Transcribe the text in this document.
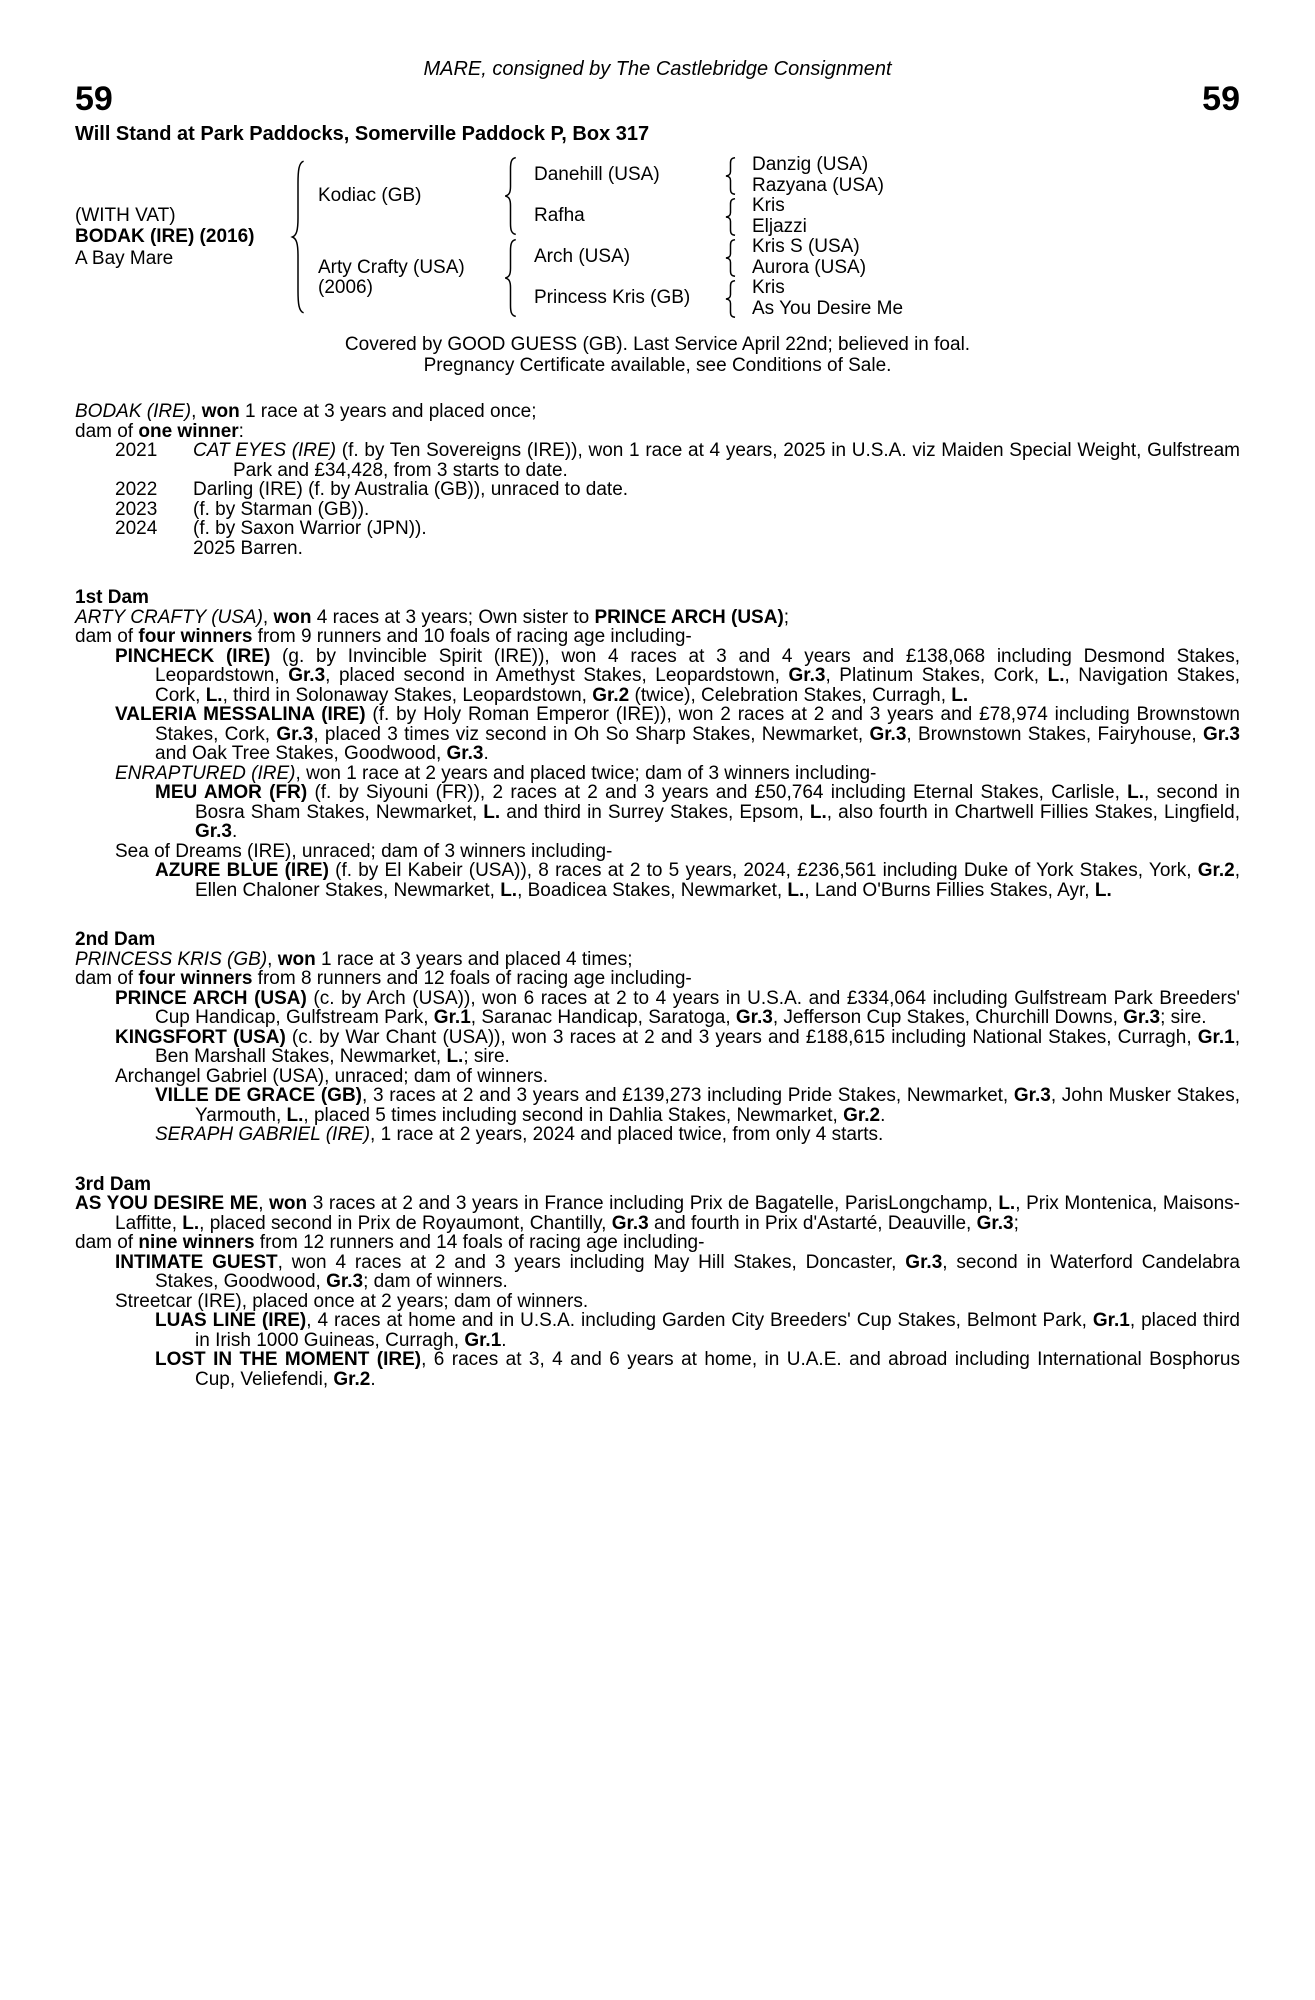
MARE, consigned by The Castlebridge Consignment
59	59
Will Stand at Park Paddocks, Somerville Paddock P, Box 317
(WITH VAT)
BODAK (IRE) (2016)
A Bay Mare
Kodiac (GB)
Danehill (USA)	Danzig (USA)
Razyana (USA)
Rafha	Kris
Eljazzi
Arty Crafty (USA)
(2006)
Arch (USA)	Kris S (USA)
Aurora (USA)
Princess Kris (GB)	Kris
As You Desire Me
Covered by GOOD GUESS (GB). Last Service April 22nd; believed in foal.
Pregnancy Certificate available, see Conditions of Sale.
BODAK (IRE), won 1 race at 3 years and placed once;
dam of one winner:
2021	CAT EYES (IRE) (f. by Ten Sovereigns (IRE)), won 1 race at 4 years, 2025 in U.S.A. viz Maiden Special Weight, Gulfstream Park and £34,428, from 3 starts to date.
2022	Darling (IRE) (f. by Australia (GB)), unraced to date.
2023	(f. by Starman (GB)).
2024	(f. by Saxon Warrior (JPN)).
2025 Barren.
1st Dam
ARTY CRAFTY (USA), won 4 races at 3 years; Own sister to PRINCE ARCH (USA);
dam of four winners from 9 runners and 10 foals of racing age including-
PINCHECK (IRE) (g. by Invincible Spirit (IRE)), won 4 races at 3 and 4 years and £138,068 including Desmond Stakes, Leopardstown, Gr.3, placed second in Amethyst Stakes, Leopardstown, Gr.3, Platinum Stakes, Cork, L., Navigation Stakes, Cork, L., third in Solonaway Stakes, Leopardstown, Gr.2 (twice), Celebration Stakes, Curragh, L.
VALERIA MESSALINA (IRE) (f. by Holy Roman Emperor (IRE)), won 2 races at 2 and 3 years and £78,974 including Brownstown Stakes, Cork, Gr.3, placed 3 times viz second in Oh So Sharp Stakes, Newmarket, Gr.3, Brownstown Stakes, Fairyhouse, Gr.3 and Oak Tree Stakes, Goodwood, Gr.3.
ENRAPTURED (IRE), won 1 race at 2 years and placed twice; dam of 3 winners including-
MEU AMOR (FR) (f. by Siyouni (FR)), 2 races at 2 and 3 years and £50,764 including Eternal Stakes, Carlisle, L., second in Bosra Sham Stakes, Newmarket, L. and third in Surrey Stakes, Epsom, L., also fourth in Chartwell Fillies Stakes, Lingfield, Gr.3.
Sea of Dreams (IRE), unraced; dam of 3 winners including-
AZURE BLUE (IRE) (f. by El Kabeir (USA)), 8 races at 2 to 5 years, 2024, £236,561 including Duke of York Stakes, York, Gr.2, Ellen Chaloner Stakes, Newmarket, L., Boadicea Stakes, Newmarket, L., Land O'Burns Fillies Stakes, Ayr, L.
2nd Dam
PRINCESS KRIS (GB), won 1 race at 3 years and placed 4 times;
dam of four winners from 8 runners and 12 foals of racing age including-
PRINCE ARCH (USA) (c. by Arch (USA)), won 6 races at 2 to 4 years in U.S.A. and £334,064 including Gulfstream Park Breeders' Cup Handicap, Gulfstream Park, Gr.1, Saranac Handicap, Saratoga, Gr.3, Jefferson Cup Stakes, Churchill Downs, Gr.3; sire.
KINGSFORT (USA) (c. by War Chant (USA)), won 3 races at 2 and 3 years and £188,615 including National Stakes, Curragh, Gr.1, Ben Marshall Stakes, Newmarket, L.; sire.
Archangel Gabriel (USA), unraced; dam of winners.
VILLE DE GRACE (GB), 3 races at 2 and 3 years and £139,273 including Pride Stakes, Newmarket, Gr.3, John Musker Stakes, Yarmouth, L., placed 5 times including second in Dahlia Stakes, Newmarket, Gr.2.
SERAPH GABRIEL (IRE), 1 race at 2 years, 2024 and placed twice, from only 4 starts.
3rd Dam
AS YOU DESIRE ME, won 3 races at 2 and 3 years in France including Prix de Bagatelle, ParisLongchamp, L., Prix Montenica, Maisons-Laffitte, L., placed second in Prix de Royaumont, Chantilly, Gr.3 and fourth in Prix d'Astarté, Deauville, Gr.3;
dam of nine winners from 12 runners and 14 foals of racing age including-
INTIMATE GUEST, won 4 races at 2 and 3 years including May Hill Stakes, Doncaster, Gr.3, second in Waterford Candelabra Stakes, Goodwood, Gr.3; dam of winners.
Streetcar (IRE), placed once at 2 years; dam of winners.
LUAS LINE (IRE), 4 races at home and in U.S.A. including Garden City Breeders' Cup Stakes, Belmont Park, Gr.1, placed third in Irish 1000 Guineas, Curragh, Gr.1.
LOST IN THE MOMENT (IRE), 6 races at 3, 4 and 6 years at home, in U.A.E. and abroad including International Bosphorus Cup, Veliefendi, Gr.2.
